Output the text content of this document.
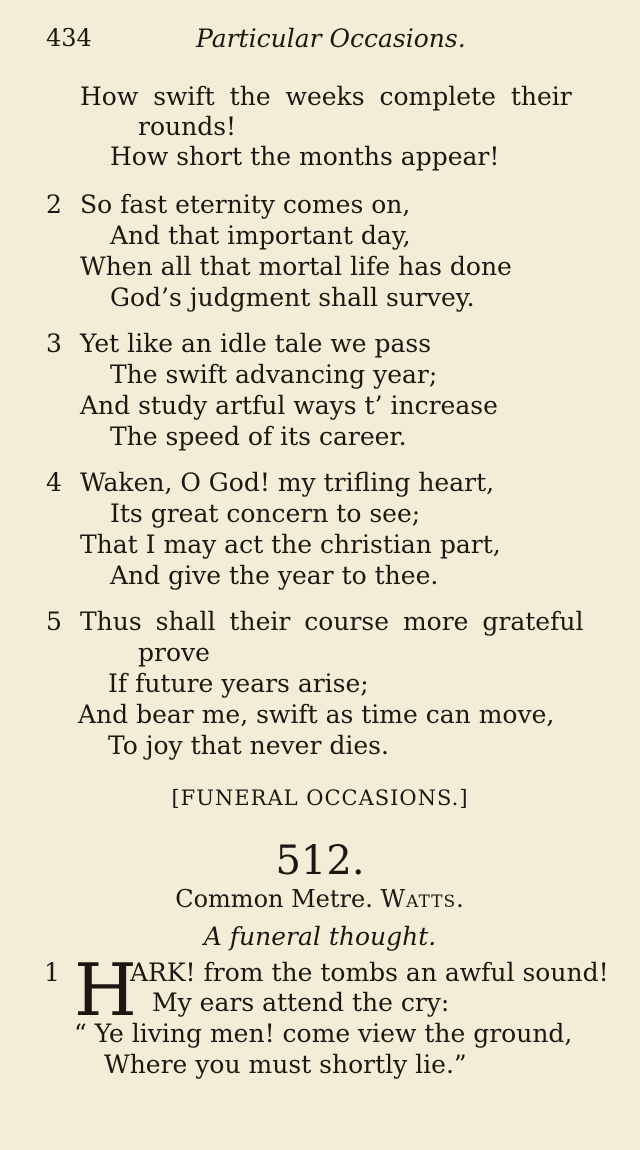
434	Particular Occasions.
How swift the weeks complete their
rounds!
How short the months appear!
2 So fast eternity comes on,
And that important day,
When all that mortal life has done
God’s judgment shall survey.
3 Yet like an idle tale we pass
The swift advancing year;
And study artful ways t’ increase
The speed of its career.
4 Waken, O God! my trifling heart,
Its great concern to see;
That I may act the christian part,
And give the year to thee.
5 Thus shall their course more grateful
prove
If future years arise;
And bear me, swift as time can move,
To joy that never dies.
[FUNERAL OCCASIONS.]
512.
Common Metre. Watts.
A funeral thought.
1 H
ARK! from the tombs an awful sound!
My ears attend the cry:
“ Ye living men! come view the ground,
Where you must shortly lie.”
